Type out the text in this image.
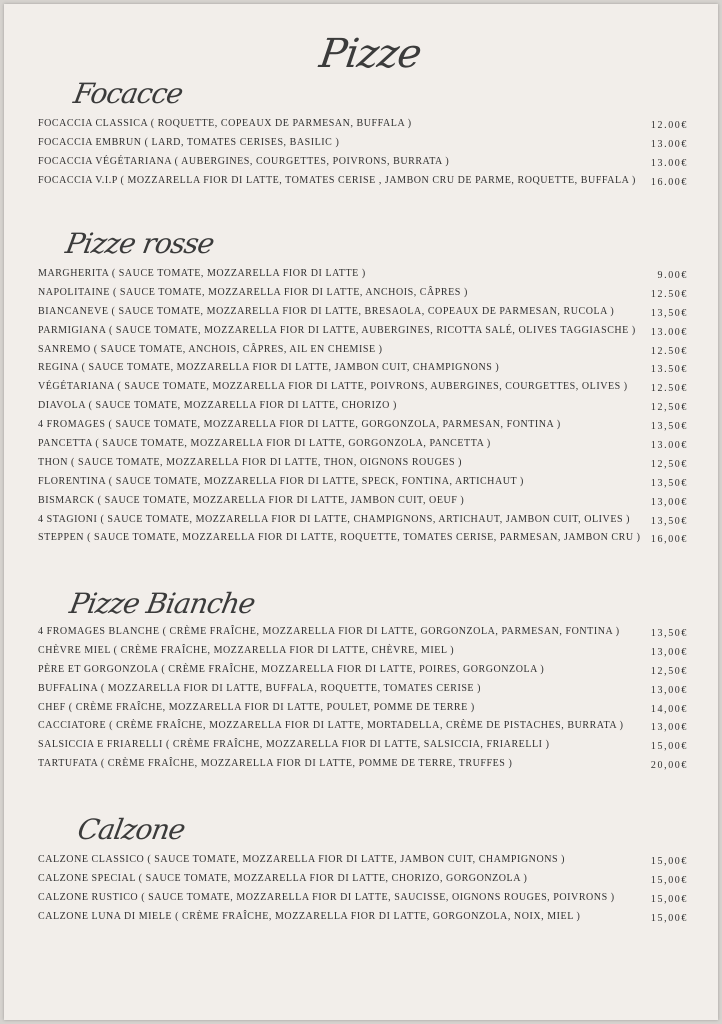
Pizze
Focacce
FOCACCIA CLASSICA ( ROQUETTE, COPEAUX DE PARMESAN, BUFFALA )	12.00€
FOCACCIA EMBRUN ( LARD, TOMATES CERISES, BASILIC )	13.00€
FOCACCIA VÉGÉTARIANA ( AUBERGINES, COURGETTES, POIVRONS, BURRATA )	13.00€
FOCACCIA V.I.P ( MOZZARELLA FIOR DI LATTE, TOMATES CERISE , JAMBON CRU DE PARME, ROQUETTE, BUFFALA ) 16.00€
Pizze rosse
MARGHERITA ( SAUCE TOMATE, MOZZARELLA FIOR DI LATTE )	9.00€
NAPOLITAINE ( SAUCE TOMATE, MOZZARELLA FIOR DI LATTE, ANCHOIS, CÂPRES )	12.50€
BIANCANEVE ( SAUCE TOMATE, MOZZARELLA FIOR DI LATTE, BRESAOLA, COPEAUX DE PARMESAN, RUCOLA )	13,50€
PARMIGIANA ( SAUCE TOMATE, MOZZARELLA FIOR DI LATTE, AUBERGINES, RICOTTA SALÉ, OLIVES TAGGIASCHE ) 13.00€
SANREMO ( SAUCE TOMATE, ANCHOIS, CÂPRES, AIL EN CHEMISE )	12.50€
REGINA ( SAUCE TOMATE, MOZZARELLA FIOR DI LATTE, JAMBON CUIT, CHAMPIGNONS )	13.50€
VÉGÉTARIANA ( SAUCE TOMATE, MOZZARELLA FIOR DI LATTE, POIVRONS, AUBERGINES, COURGETTES, OLIVES ) 12.50€
DIAVOLA ( SAUCE TOMATE, MOZZARELLA FIOR DI LATTE, CHORIZO )	12,50€
4 FROMAGES ( SAUCE TOMATE, MOZZARELLA FIOR DI LATTE, GORGONZOLA, PARMESAN, FONTINA )	13,50€
PANCETTA ( SAUCE TOMATE, MOZZARELLA FIOR DI LATTE, GORGONZOLA, PANCETTA )	13.00€
THON ( SAUCE TOMATE, MOZZARELLA FIOR DI LATTE, THON, OIGNONS ROUGES )	12,50€
FLORENTINA ( SAUCE TOMATE, MOZZARELLA FIOR DI LATTE, SPECK, FONTINA, ARTICHAUT )	13,50€
BISMARCK ( SAUCE TOMATE, MOZZARELLA FIOR DI LATTE, JAMBON CUIT, OEUF )	13,00€
4 STAGIONI ( SAUCE TOMATE, MOZZARELLA FIOR DI LATTE, CHAMPIGNONS, ARTICHAUT, JAMBON CUIT, OLIVES ) 13,50€
STEPPEN ( SAUCE TOMATE, MOZZARELLA FIOR DI LATTE, ROQUETTE, TOMATES CERISE, PARMESAN, JAMBON CRU ) 16,00€
Pizze Bianche
4 FROMAGES BLANCHE ( CRÈME FRAÎCHE, MOZZARELLA FIOR DI LATTE, GORGONZOLA, PARMESAN, FONTINA )	13,50€
CHÈVRE MIEL ( CRÈME FRAÎCHE, MOZZARELLA FIOR DI LATTE, CHÈVRE, MIEL )	13,00€
PÈRE ET GORGONZOLA ( CRÈME FRAÎCHE, MOZZARELLA FIOR DI LATTE, POIRES, GORGONZOLA )	12,50€
BUFFALINA ( MOZZARELLA FIOR DI LATTE, BUFFALA, ROQUETTE, TOMATES CERISE )	13,00€
CHEF ( CRÈME FRAÎCHE, MOZZARELLA FIOR DI LATTE, POULET, POMME DE TERRE )	14,00€
CACCIATORE ( CRÈME FRAÎCHE, MOZZARELLA FIOR DI LATTE, MORTADELLA, CRÈME DE PISTACHES, BURRATA )	13,00€
SALSICCIA E FRIARELLI ( CRÈME FRAÎCHE, MOZZARELLA FIOR DI LATTE, SALSICCIA, FRIARELLI )	15,00€
TARTUFATA ( CRÈME FRAÎCHE, MOZZARELLA FIOR DI LATTE, POMME DE TERRE, TRUFFES )	20,00€
Calzone
CALZONE CLASSICO ( SAUCE TOMATE, MOZZARELLA FIOR DI LATTE, JAMBON CUIT, CHAMPIGNONS )	15,00€
CALZONE SPECIAL ( SAUCE TOMATE, MOZZARELLA FIOR DI LATTE, CHORIZO, GORGONZOLA )	15,00€
CALZONE RUSTICO ( SAUCE TOMATE, MOZZARELLA FIOR DI LATTE, SAUCISSE, OIGNONS ROUGES, POIVRONS )	15,00€
CALZONE LUNA DI MIELE ( CRÈME FRAÎCHE, MOZZARELLA FIOR DI LATTE, GORGONZOLA, NOIX, MIEL )	15,00€
